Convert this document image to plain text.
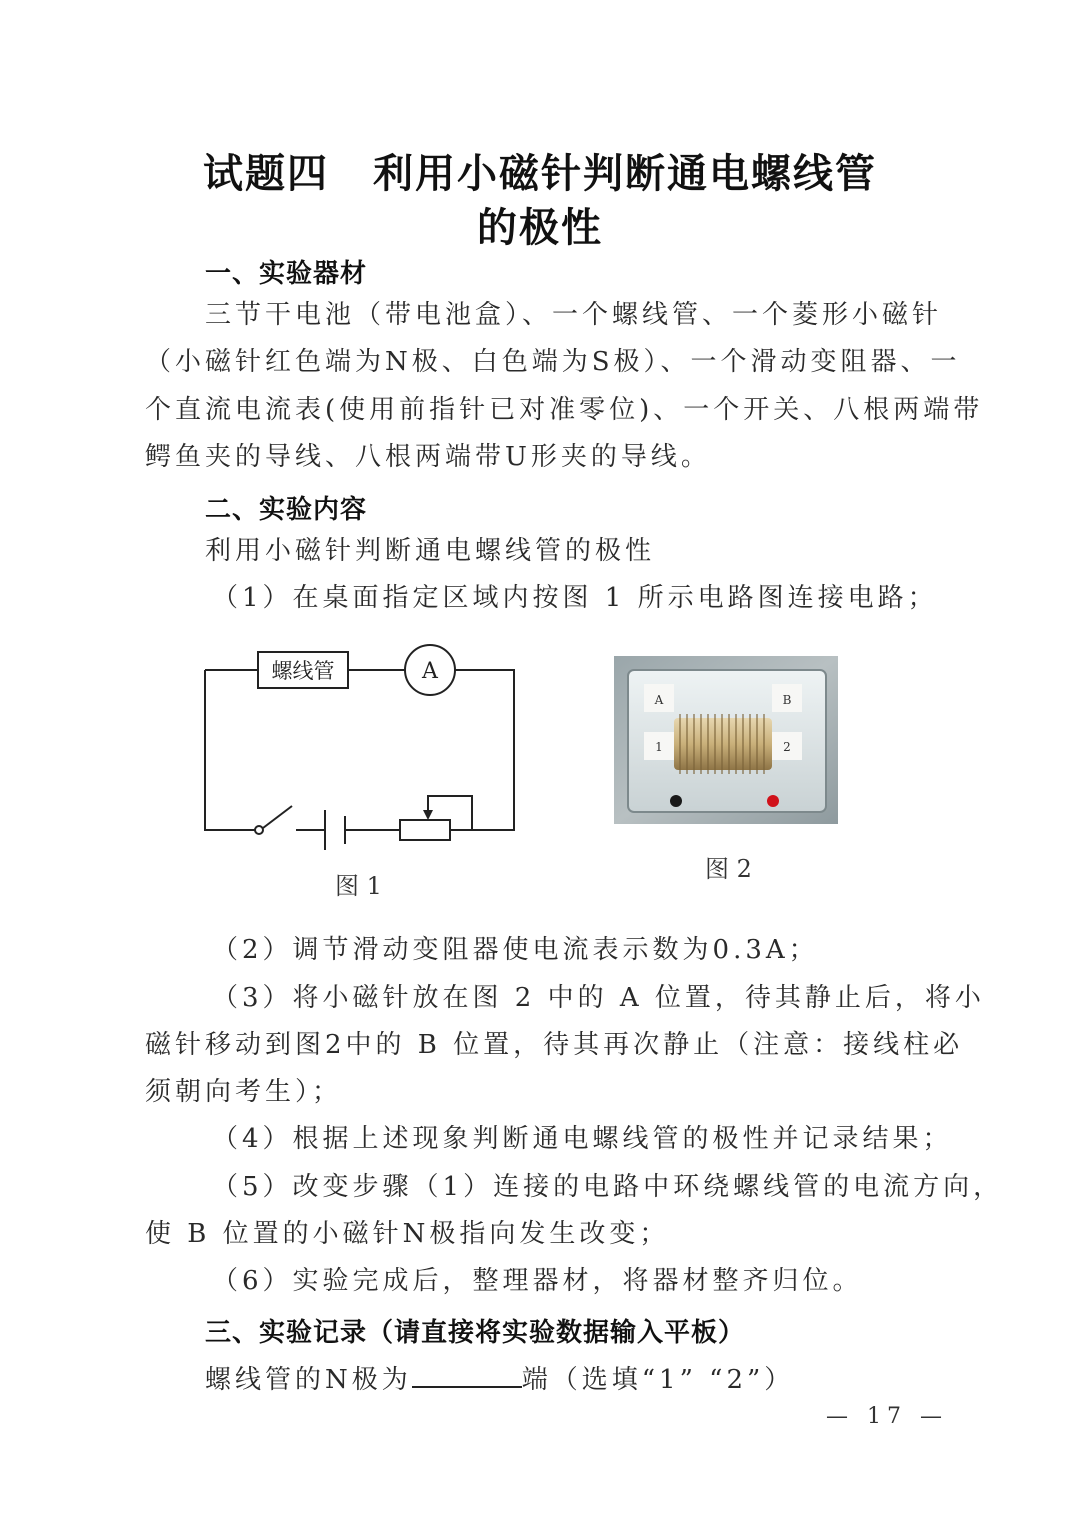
试题四 利用小磁针判断通电螺线管
的极性
一、实验器材
三节干电池（带电池盒）、一个螺线管、一个菱形小磁针
（小磁针红色端为N极、白色端为S极）、一个滑动变阻器、一
个直流电流表(使用前指针已对准零位)、一个开关、八根两端带
鳄鱼夹的导线、八根两端带U形夹的导线。
二、实验内容
利用小磁针判断通电螺线管的极性
（1）在桌面指定区域内按图 1 所示电路图连接电路；
螺线管	A
图 1
A	B
1	2
图 2
（2）调节滑动变阻器使电流表示数为0.3A；
（3）将小磁针放在图 2 中的 A 位置，待其静止后，将小
磁针移动到图2中的 B 位置，待其再次静止（注意：接线柱必
须朝向考生）；
（4）根据上述现象判断通电螺线管的极性并记录结果；
（5）改变步骤（1）连接的电路中环绕螺线管的电流方向，
使 B 位置的小磁针N极指向发生改变；
（6）实验完成后，整理器材，将器材整齐归位。
三、实验记录（请直接将实验数据输入平板）
螺线管的N极为	端（选填“1” “2”）
— 17 —
